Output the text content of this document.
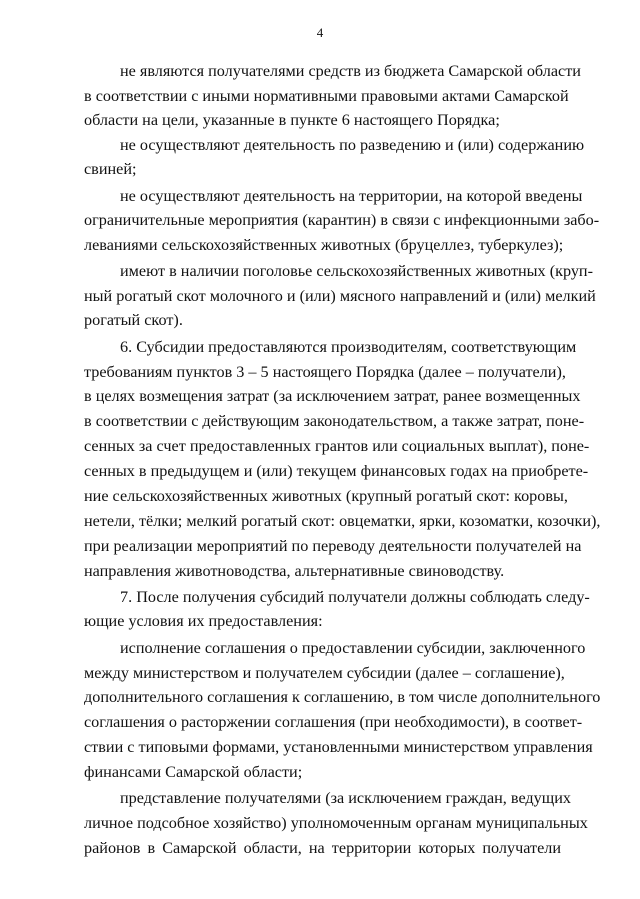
4
не являются получателями средств из бюджета Самарской области
в соответствии с иными нормативными правовыми актами Самарской
области на цели, указанные в пункте 6 настоящего Порядка;
не осуществляют деятельность по разведению и (или) содержанию
свиней;
не осуществляют деятельность на территории, на которой введены
ограничительные мероприятия (карантин) в связи с инфекционными забо-
леваниями сельскохозяйственных животных (бруцеллез, туберкулез);
имеют в наличии поголовье сельскохозяйственных животных (круп-
ный рогатый скот молочного и (или) мясного направлений и (или) мелкий
рогатый скот).
6. Субсидии предоставляются производителям, соответствующим
требованиям пунктов 3 – 5 настоящего Порядка (далее – получатели),
в целях возмещения затрат (за исключением затрат, ранее возмещенных
в соответствии с действующим законодательством, а также затрат, поне-
сенных за счет предоставленных грантов или социальных выплат), поне-
сенных в предыдущем и (или) текущем финансовых годах на приобрете-
ние сельскохозяйственных животных (крупный рогатый скот: коровы,
нетели, тёлки; мелкий рогатый скот: овцематки, ярки, козоматки, козочки),
при реализации мероприятий по переводу деятельности получателей на
направления животноводства, альтернативные свиноводству.
7. После получения субсидий получатели должны соблюдать следу-
ющие условия их предоставления:
исполнение соглашения о предоставлении субсидии, заключенного
между министерством и получателем субсидии (далее – соглашение),
дополнительного соглашения к соглашению, в том числе дополнительного
соглашения о расторжении соглашения (при необходимости), в соответ-
ствии с типовыми формами, установленными министерством управления
финансами Самарской области;
представление получателями (за исключением граждан, ведущих
личное подсобное хозяйство) уполномоченным органам муниципальных
районов в Самарской области, на территории которых получатели
